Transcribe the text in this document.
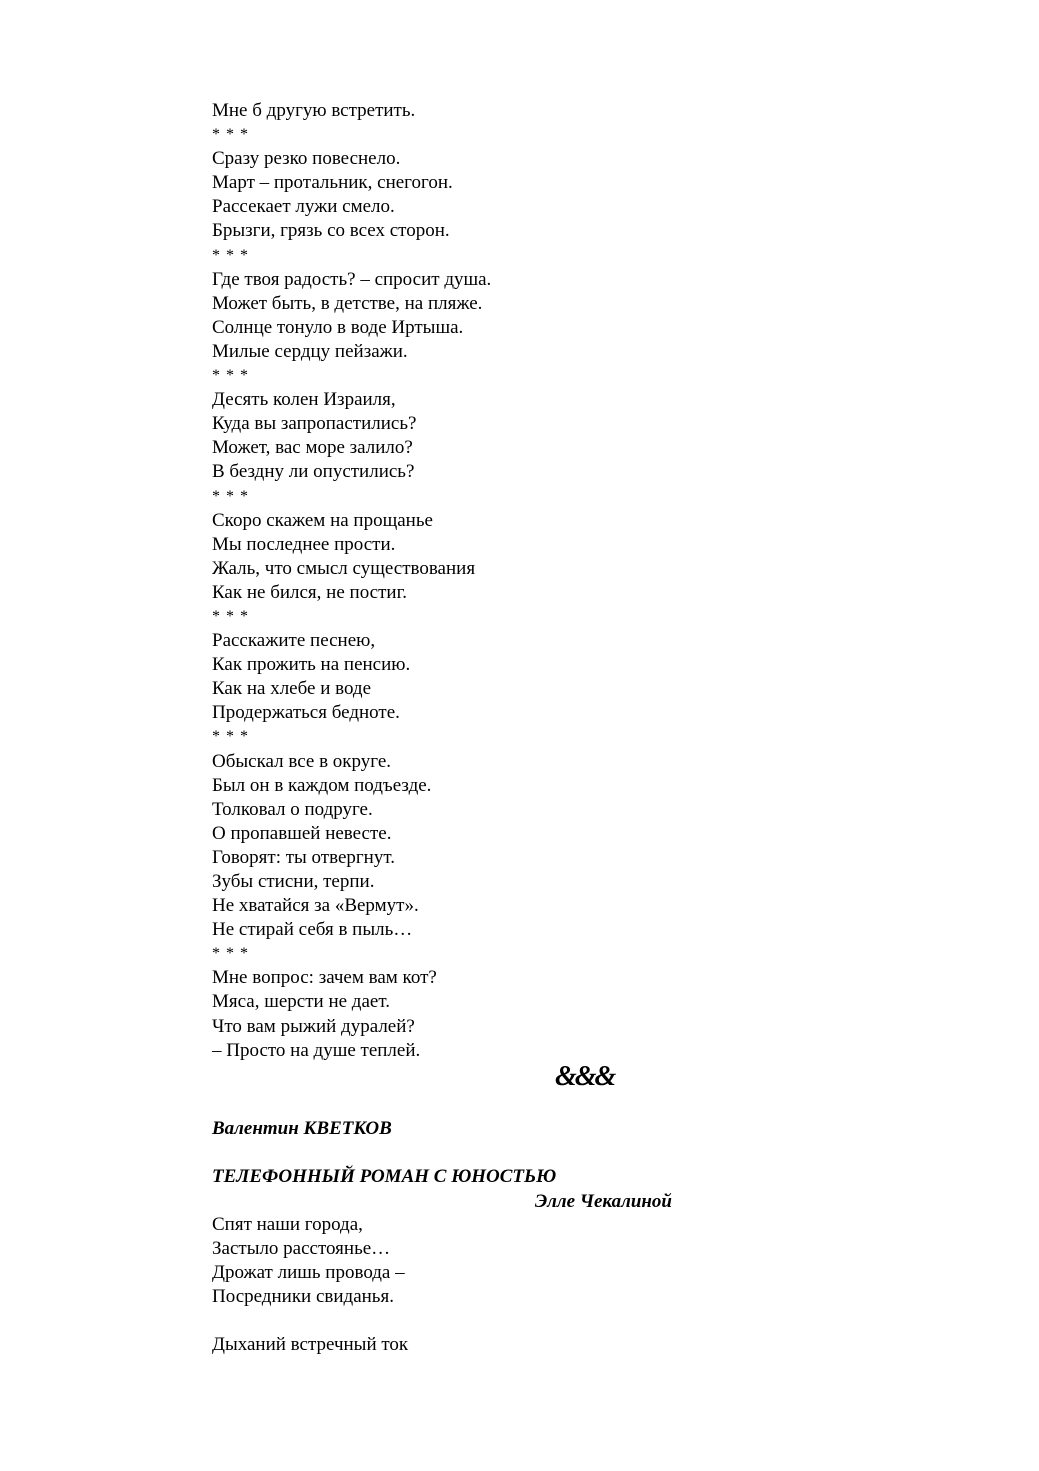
Мне б другую встретить.
* * *
Сразу резко повеснело.
Март – протальник, снегогон.
Рассекает лужи смело.
Брызги, грязь со всех сторон.
* * *
Где твоя радость? – спросит душа.
Может быть, в детстве, на пляже.
Солнце тонуло в воде Иртыша.
Милые сердцу пейзажи.
* * *
Десять колен Израиля,
Куда вы запропастились?
Может, вас море залило?
В бездну ли опустились?
* * *
Скоро скажем на прощанье
Мы последнее прости.
Жаль, что смысл существования
Как не бился, не постиг.
* * *
Расскажите песнею,
Как прожить на пенсию.
Как на хлебе и воде
Продержаться бедноте.
* * *
Обыскал все в округе.
Был он в каждом подъезде.
Толковал о подруге.
О пропавшей невесте.
Говорят: ты отвергнут.
Зубы стисни, терпи.
Не хватайся за «Вермут».
Не стирай себя в пыль…
* * *
Мне вопрос: зачем вам кот?
Мяса, шерсти не дает.
Что вам рыжий дуралей?
– Просто на душе теплей.
&&&
Валентин КВЕТКОВ
ТЕЛЕФОННЫЙ РОМАН С ЮНОСТЬЮ
Элле Чекалиной
Спят наши города,
Застыло расстоянье…
Дрожат лишь провода –
Посредники свиданья.
Дыханий встречный ток
